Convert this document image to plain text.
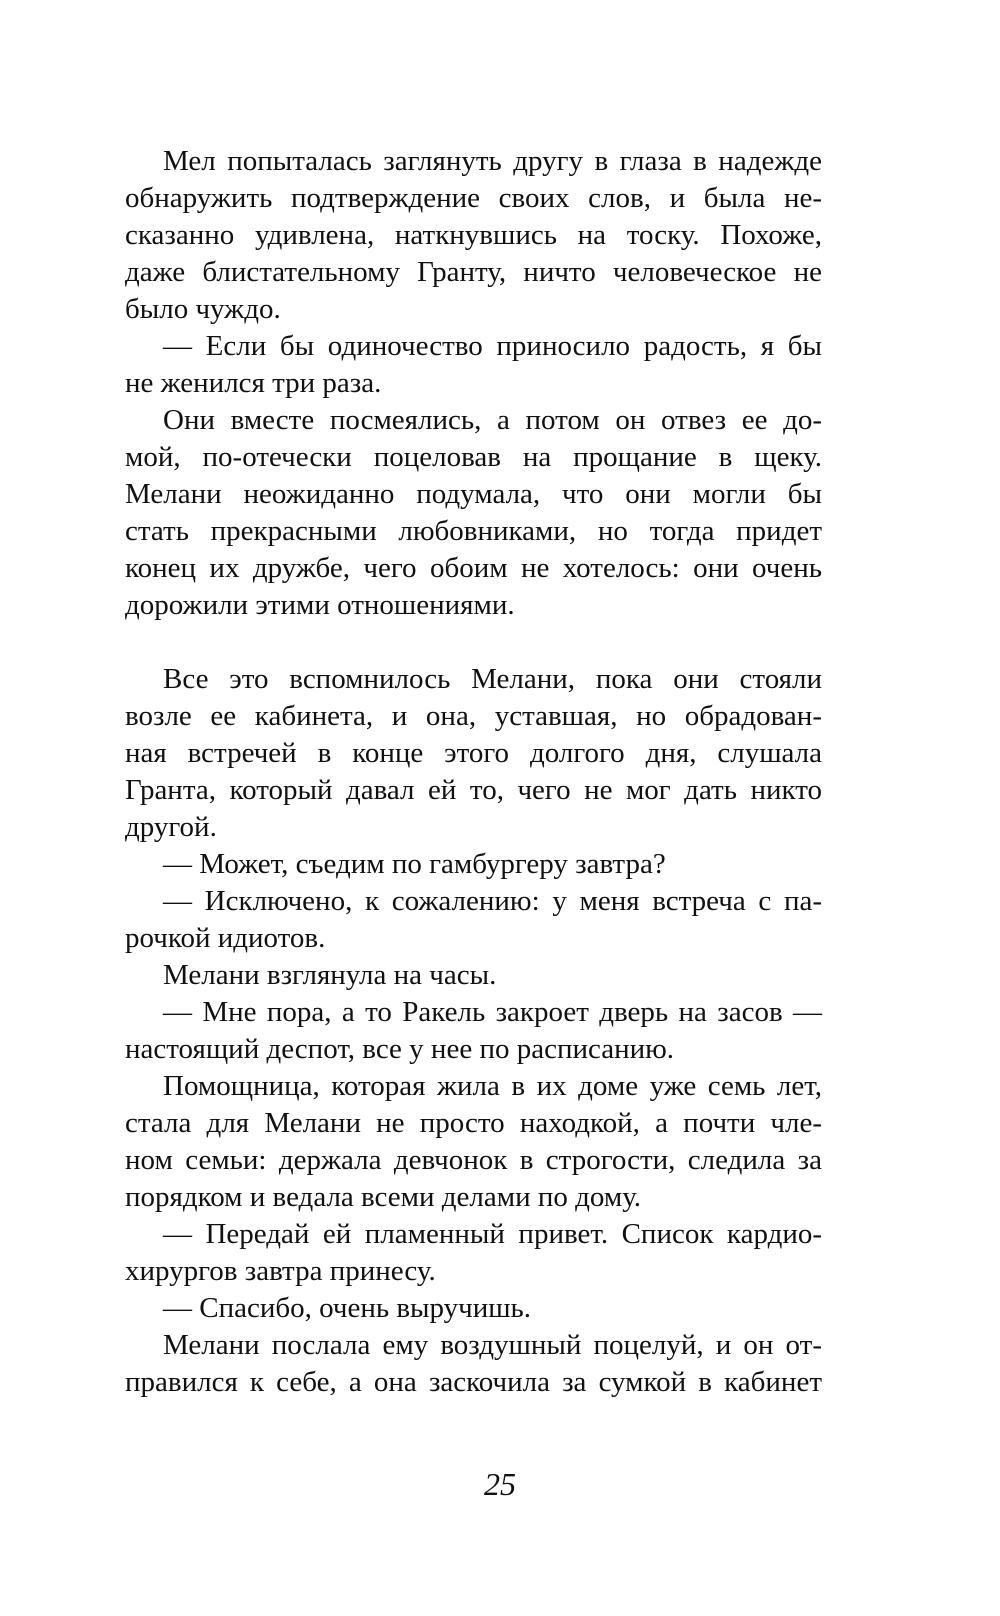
Мел попыталась заглянуть другу в глаза в надежде
обнаружить подтверждение своих слов, и была не-
сказанно удивлена, наткнувшись на тоску. Похоже,
даже блистательному Гранту, ничто человеческое не
было чуждо.
— Если бы одиночество приносило радость, я бы
не женился три раза.
Они вместе посмеялись, а потом он отвез ее до-
мой, по-отечески поцеловав на прощание в щеку.
Мелани неожиданно подумала, что они могли бы
стать прекрасными любовниками, но тогда придет
конец их дружбе, чего обоим не хотелось: они очень
дорожили этими отношениями.
Все это вспомнилось Мелани, пока они стояли
возле ее кабинета, и она, уставшая, но обрадован-
ная встречей в конце этого долгого дня, слушала
Гранта, который давал ей то, чего не мог дать никто
другой.
— Может, съедим по гамбургеру завтра?
— Исключено, к сожалению: у меня встреча с па-
рочкой идиотов.
Мелани взглянула на часы.
— Мне пора, а то Ракель закроет дверь на засов —
настоящий деспот, все у нее по расписанию.
Помощница, которая жила в их доме уже семь лет,
стала для Мелани не просто находкой, а почти чле-
ном семьи: держала девчонок в строгости, следила за
порядком и ведала всеми делами по дому.
— Передай ей пламенный привет. Список кардио-
хирургов завтра принесу.
— Спасибо, очень выручишь.
Мелани послала ему воздушный поцелуй, и он от-
правился к себе, а она заскочила за сумкой в кабинет
25
